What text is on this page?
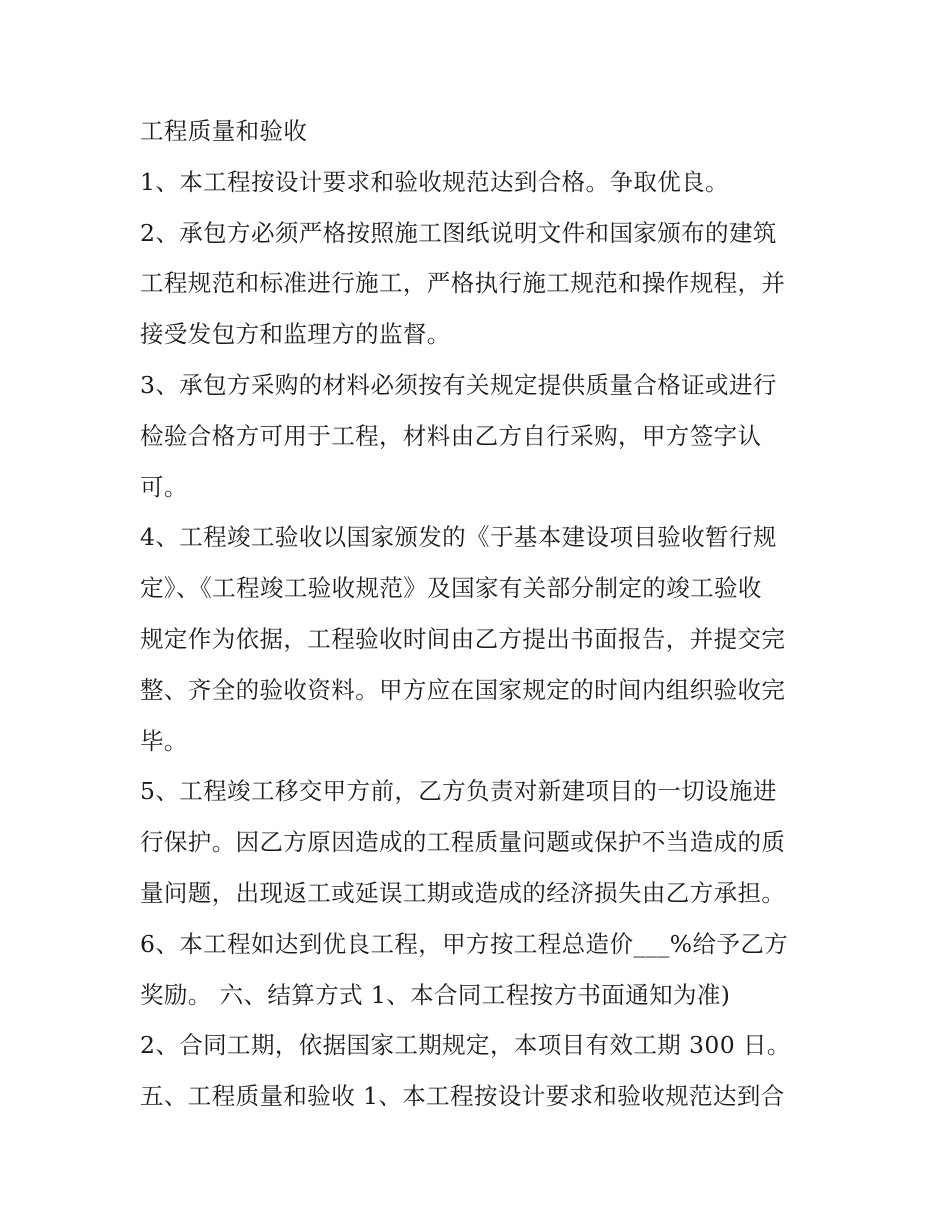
工程质量和验收
1、本工程按设计要求和验收规范达到合格。争取优良。
2、承包方必须严格按照施工图纸说明文件和国家颁布的建筑
工程规范和标准进行施工，严格执行施工规范和操作规程，并
接受发包方和监理方的监督。
3、承包方采购的材料必须按有关规定提供质量合格证或进行
检验合格方可用于工程，材料由乙方自行采购，甲方签字认
可。
4、工程竣工验收以国家颁发的《于基本建设项目验收暂行规
定》、《工程竣工验收规范》及国家有关部分制定的竣工验收
规定作为依据，工程验收时间由乙方提出书面报告，并提交完
整、齐全的验收资料。甲方应在国家规定的时间内组织验收完
毕。
5、工程竣工移交甲方前，乙方负责对新建项目的一切设施进
行保护。因乙方原因造成的工程质量问题或保护不当造成的质
量问题，出现返工或延误工期或造成的经济损失由乙方承担。
6、本工程如达到优良工程，甲方按工程总造价___%给予乙方
奖励。 六、结算方式 1、本合同工程按方书面通知为准)
2、合同工期，依据国家工期规定，本项目有效工期 300 日。
五、工程质量和验收 1、本工程按设计要求和验收规范达到合
